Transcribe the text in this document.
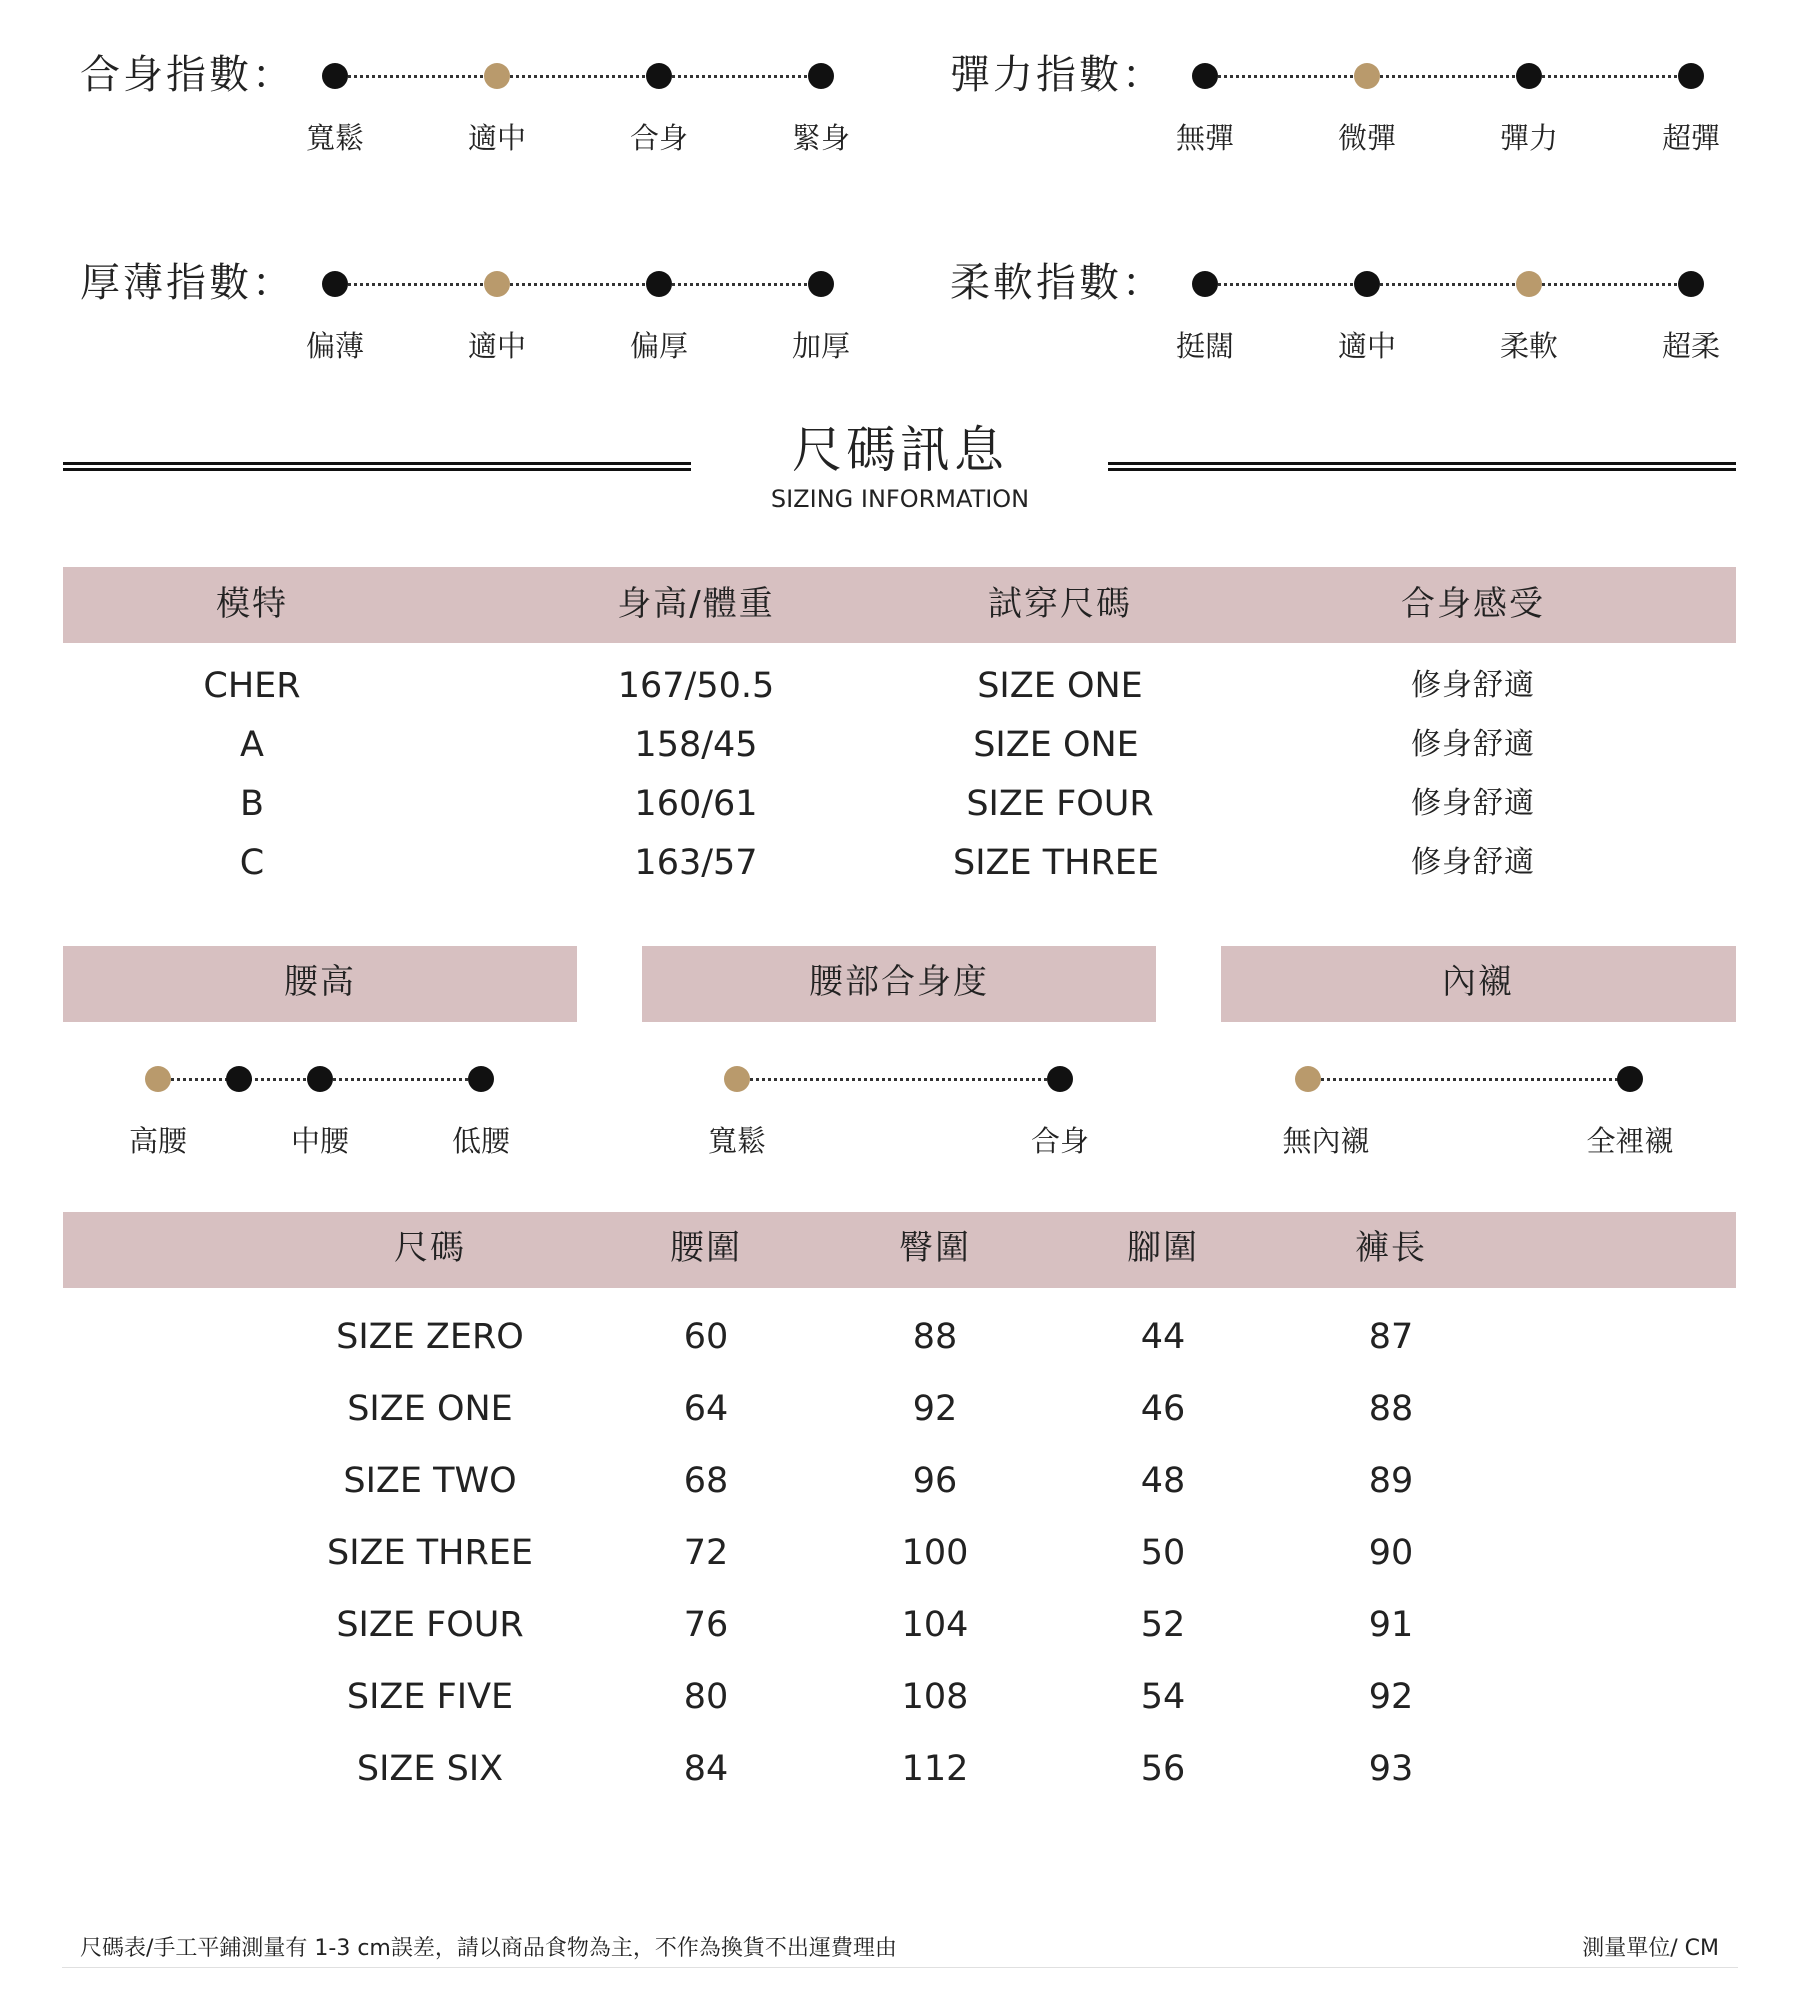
合身指數：
寬鬆	適中	合身	緊身
彈力指數：
無彈	微彈	彈力	超彈
厚薄指數：
偏薄	適中	偏厚	加厚
柔軟指數：
挺闊	適中	柔軟	超柔
尺碼訊息
SIZING INFORMATION
模特	身高/體重	試穿尺碼	合身感受
CHER	167/50.5	SIZE ONE	修身舒適
A	158/45	SIZE ONE	修身舒適
B	160/61	SIZE FOUR	修身舒適
C	163/57	SIZE THREE	修身舒適
腰高	腰部合身度	內襯
高腰	中腰	低腰	寬鬆	合身	無內襯	全裡襯
尺碼	腰圍	臀圍	腳圍	褲長
SIZE ZERO	60	88	44	87
SIZE ONE	64	92	46	88
SIZE TWO	68	96	48	89
SIZE THREE	72	100	50	90
SIZE FOUR	76	104	52	91
SIZE FIVE	80	108	54	92
SIZE SIX	84	112	56	93
尺碼表/手工平鋪測量有 1-3 cm誤差，請以商品食物為主，不作為換貨不出運費理由	測量單位/ CM
